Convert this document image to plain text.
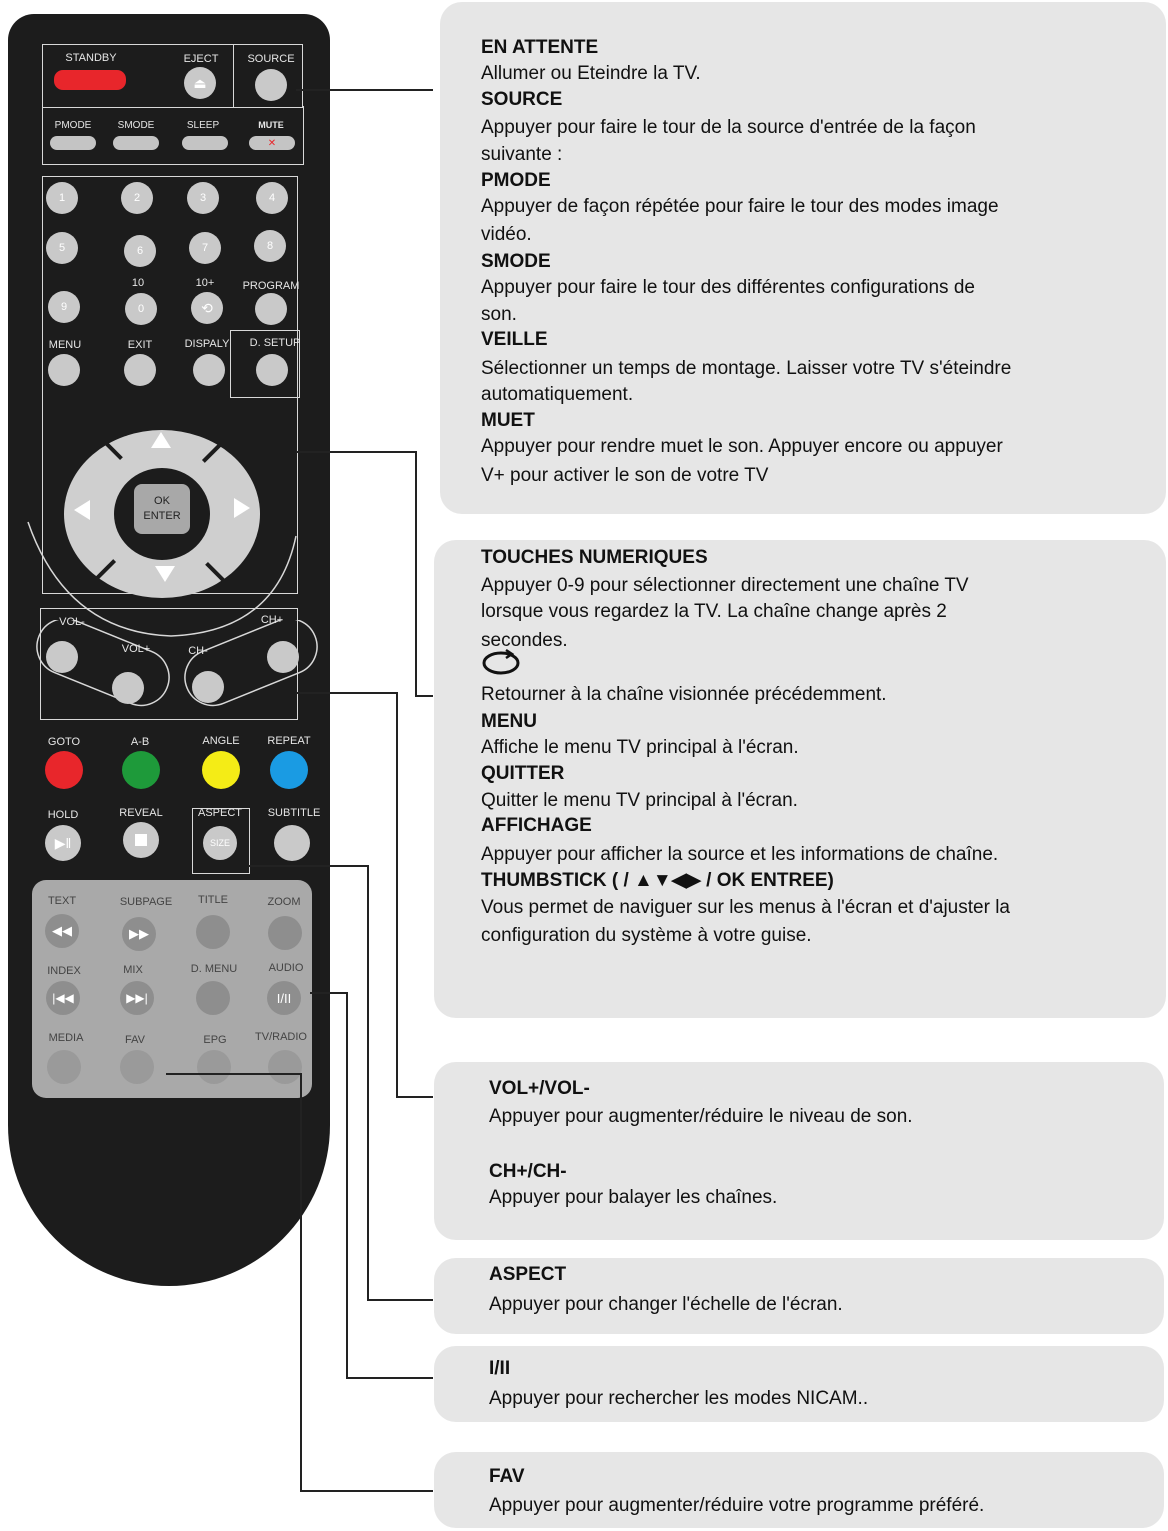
STANDBY	EJECT
⏏
SOURCE
PMODE	SMODE	SLEEP	MUTE
✕
1	2	3	4
5	6	7	8
10	10+	PROGRAM
9	0	⟲
MENU	EXIT	DISPALY D. SETUP
OK
ENTER
VOL-
VOL+	CH-
CH+
GOTO	A-B	ANGLE	REPEAT
HOLD
▶‖
REVEAL	ASPECT
SIZE
SUBTITLE
TEXT
◀◀
SUBPAGE
▶▶
TITLE	ZOOM
INDEX
|◀◀
MIX
▶▶|
D. MENU	AUDIO
I/II
MEDIA	FAV	EPG	TV/RADIO
EN ATTENTE
Allumer ou Eteindre la TV.
SOURCE
Appuyer pour faire le tour de la source d'entrée de la façon
suivante :
PMODE
Appuyer de façon répétée pour faire le tour des modes image
vidéo.
SMODE
Appuyer pour faire le tour des différentes configurations de
son.
VEILLE
Sélectionner un temps de montage. Laisser votre TV s'éteindre
automatiquement.
MUET
Appuyer pour rendre muet le son. Appuyer encore ou appuyer
V+ pour activer le son de votre TV
TOUCHES NUMERIQUES
Appuyer 0-9 pour sélectionner directement une chaîne TV
lorsque vous regardez la TV. La chaîne change après 2
secondes.
Retourner à la chaîne visionnée précédemment.
MENU
Affiche le menu TV principal à l'écran.
QUITTER
Quitter le menu TV principal à l'écran.
AFFICHAGE
Appuyer pour afficher la source et les informations de chaîne.
THUMBSTICK ( / ▲▼◀▶ / OK ENTREE)
Vous permet de naviguer sur les menus à l'écran et d'ajuster la
configuration du système à votre guise.
VOL+/VOL-
Appuyer pour augmenter/réduire le niveau de son.
CH+/CH-
Appuyer pour balayer les chaînes.
ASPECT
Appuyer pour changer l'échelle de l'écran.
I/II
Appuyer pour rechercher les modes NICAM..
FAV
Appuyer pour augmenter/réduire votre programme préféré.
